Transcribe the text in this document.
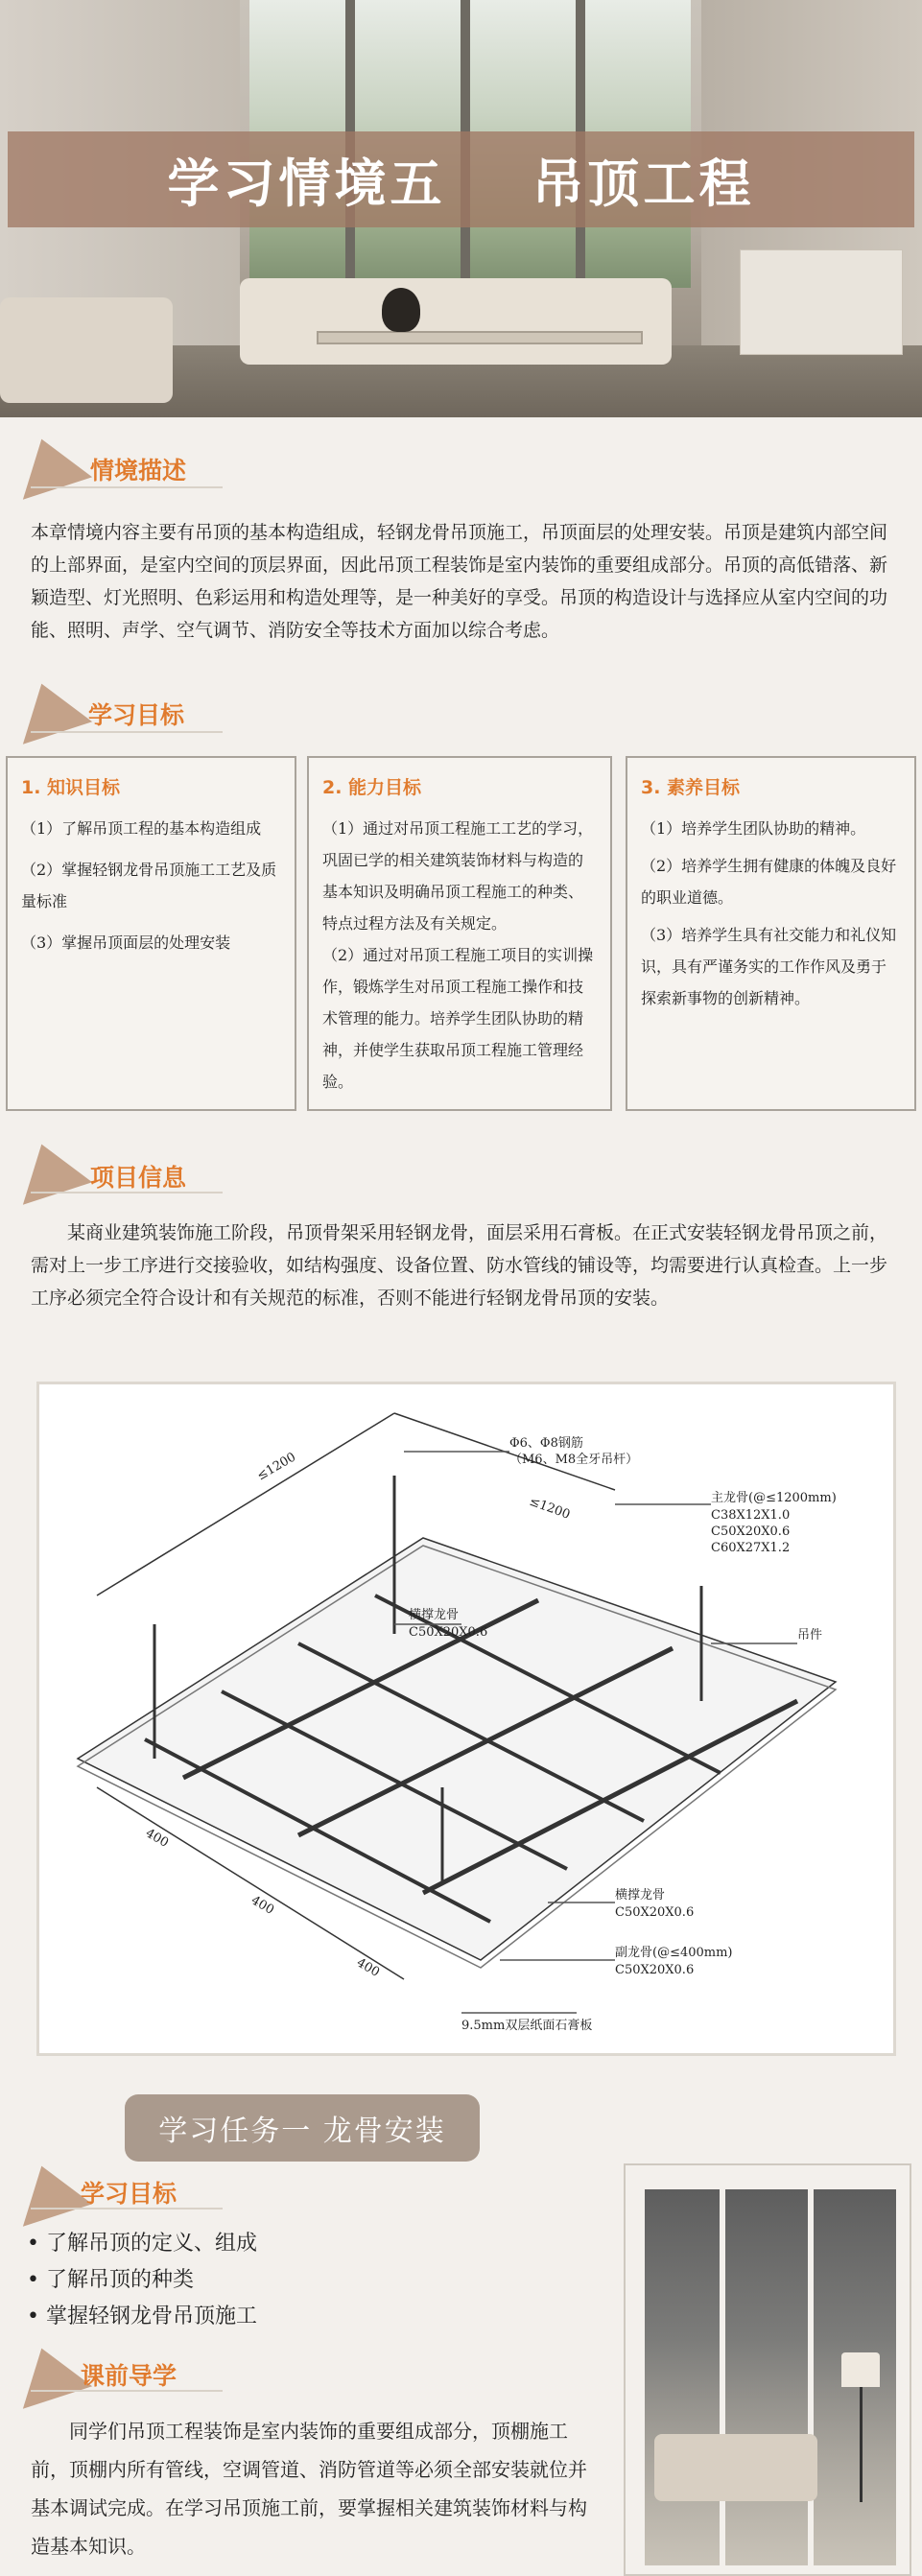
学习情境五 吊顶工程
情境描述
本章情境内容主要有吊顶的基本构造组成，轻钢龙骨吊顶施工，吊顶面层的处理安装。吊顶是建筑内部空间的上部界面，是室内空间的顶层界面，因此吊顶工程装饰是室内装饰的重要组成部分。吊顶的高低错落、新颖造型、灯光照明、色彩运用和构造处理等，是一种美好的享受。吊顶的构造设计与选择应从室内空间的功能、照明、声学、空气调节、消防安全等技术方面加以综合考虑。
学习目标
1. 知识目标
（1）了解吊顶工程的基本构造组成
（2）掌握轻钢龙骨吊顶施工工艺及质量标准
（3）掌握吊顶面层的处理安装
2. 能力目标
（1）通过对吊顶工程施工工艺的学习，巩固已学的相关建筑装饰材料与构造的基本知识及明确吊顶工程施工的种类、特点过程方法及有关规定。
（2）通过对吊顶工程施工项目的实训操作，锻炼学生对吊顶工程施工操作和技术管理的能力。培养学生团队协助的精神，并使学生获取吊顶工程施工管理经验。
3. 素养目标
（1）培养学生团队协助的精神。
（2）培养学生拥有健康的体魄及良好的职业道德。
（3）培养学生具有社交能力和礼仪知识，具有严谨务实的工作作风及勇于探索新事物的创新精神。
项目信息
某商业建筑装饰施工阶段，吊顶骨架采用轻钢龙骨，面层采用石膏板。在正式安装轻钢龙骨吊顶之前，需对上一步工序进行交接验收，如结构强度、设备位置、防水管线的铺设等，均需要进行认真检查。上一步工序必须完全符合设计和有关规范的标准，否则不能进行轻钢龙骨吊顶的安装。
≤1200
≤1200
Φ6、Φ8钢筋
（M6、M8全牙吊杆）
主龙骨(@≤1200mm)
C38X12X1.0
C50X20X0.6
C60X27X1.2
横撑龙骨
C50X20X0.6	吊件
横撑龙骨
C50X20X0.6
副龙骨(@≤400mm)
C50X20X0.6
9.5mm双层纸面石膏板
400
400
400
学习任务一 龙骨安装
学习目标
• 了解吊顶的定义、组成
• 了解吊顶的种类
• 掌握轻钢龙骨吊顶施工
课前导学
同学们吊顶工程装饰是室内装饰的重要组成部分，顶棚施工前，顶棚内所有管线，空调管道、消防管道等必须全部安装就位并基本调试完成。在学习吊顶施工前，要掌握相关建筑装饰材料与构造基本知识。
